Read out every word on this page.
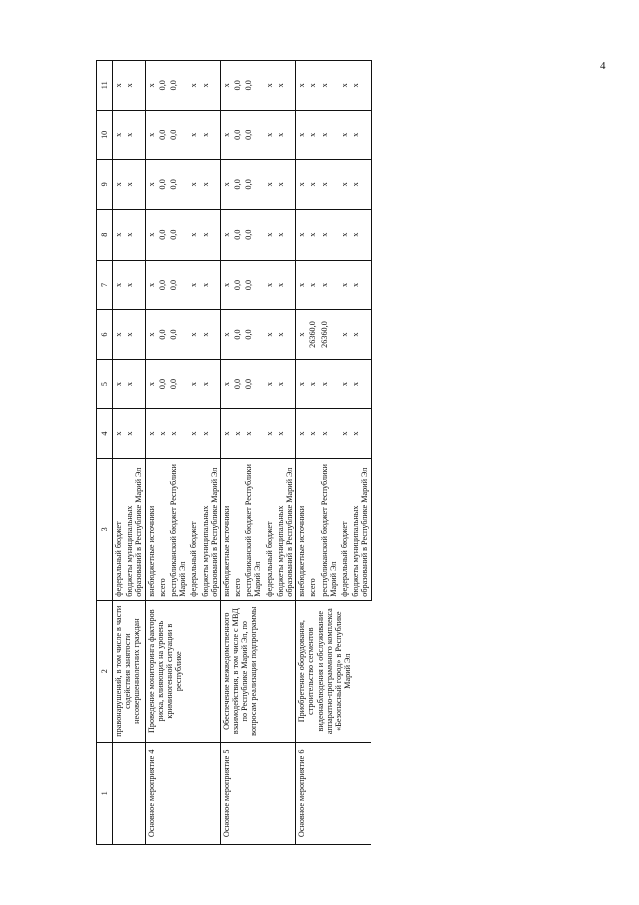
4
1	2	3	4	5	6	7	8	9	10	11
	правонарушений, в том числе в части содействия занятости несовершеннолетних граждан	федеральный бюджет	x	x	x	x	x	x	x	x
		бюджеты муниципальных образований в Республике Марий Эл	x	x	x	x	x	x	x	x
Основное мероприятие 4	Проведение мониторинга факторов риска, влияющих на уровень криминогенной ситуации в республике	внебюджетные источники	x	x	x	x	x	x	x	x
		всего	x	0,0	0,0	0,0	0,0	0,0	0,0	0,0
		республиканский бюджет Республики Марий Эл	x	0,0	0,0	0,0	0,0	0,0	0,0	0,0
		федеральный бюджет	x	x	x	x	x	x	x	x
		бюджеты муниципальных образований в Республике Марий Эл	x	x	x	x	x	x	x	x
Основное мероприятие 5	Обеспечение межведомственного взаимодействия, в том числе с МВД по Республике Марий Эл, по вопросам реализации подпрограммы	внебюджетные источники	x	x	x	x	x	x	x	x
		всего	x	0,0	0,0	0,0	0,0	0,0	0,0	0,0
		республиканский бюджет Республики Марий Эл	x	0,0	0,0	0,0	0,0	0,0	0,0	0,0
		федеральный бюджет	x	x	x	x	x	x	x	x
		бюджеты муниципальных образований в Республике Марий Эл	x	x	x	x	x	x	x	x
Основное мероприятие 6	Приобретение оборудования, строительство сегментов видеонаблюдения и обслуживание аппаратно-программного комплекса «Безопасный город» в Республике Марий Эл	внебюджетные источники	x	x	x	x	x	x	x	x
		всего	x	x	26360,0	x	x	x	x	x
		республиканский бюджет Республики Марий Эл	x	x	26360,0	x	x	x	x	x
		федеральный бюджет	x	x	x	x	x	x	x	x
		бюджеты муниципальных образований в Республике Марий Эл	x	x	x	x	x	x	x	x
